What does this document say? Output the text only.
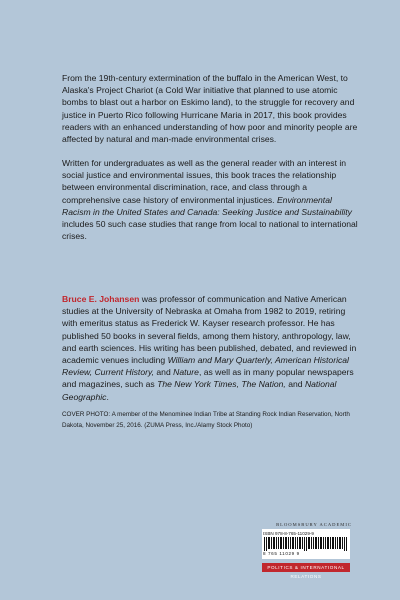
From the 19th-century extermination of the buffalo in the American West, to Alaska's Project Chariot (a Cold War initiative that planned to use atomic bombs to blast out a harbor on Eskimo land), to the struggle for recovery and justice in Puerto Rico following Hurricane Maria in 2017, this book provides readers with an enhanced understanding of how poor and minority people are affected by natural and man-made environmental crises.

Written for undergraduates as well as the general reader with an interest in social justice and environmental issues, this book traces the relationship between environmental discrimination, race, and class through a comprehensive case history of environmental injustices. Environmental Racism in the United States and Canada: Seeking Justice and Sustainability includes 50 such case studies that range from local to national to international crises.

Bruce E. Johansen was professor of communication and Native American studies at the University of Nebraska at Omaha from 1982 to 2019, retiring with emeritus status as Frederick W. Kayser research professor. He has published 50 books in several fields, among them history, anthropology, law, and earth sciences. His writing has been published, debated, and reviewed in academic venues including William and Mary Quarterly, American Historical Review, Current History, and Nature, as well as in many popular newspapers and magazines, such as The New York Times, The Nation, and National Geographic.

COVER PHOTO: A member of the Menominee Indian Tribe at Standing Rock Indian Reservation, North Dakota, November 25, 2016. (ZUMA Press, Inc./Alamy Stock Photo)

BLOOMSBURY ACADEMIC
ISBN 978-8-765-11029-9
8 765 11029 9
POLITICS & INTERNATIONAL RELATIONS
